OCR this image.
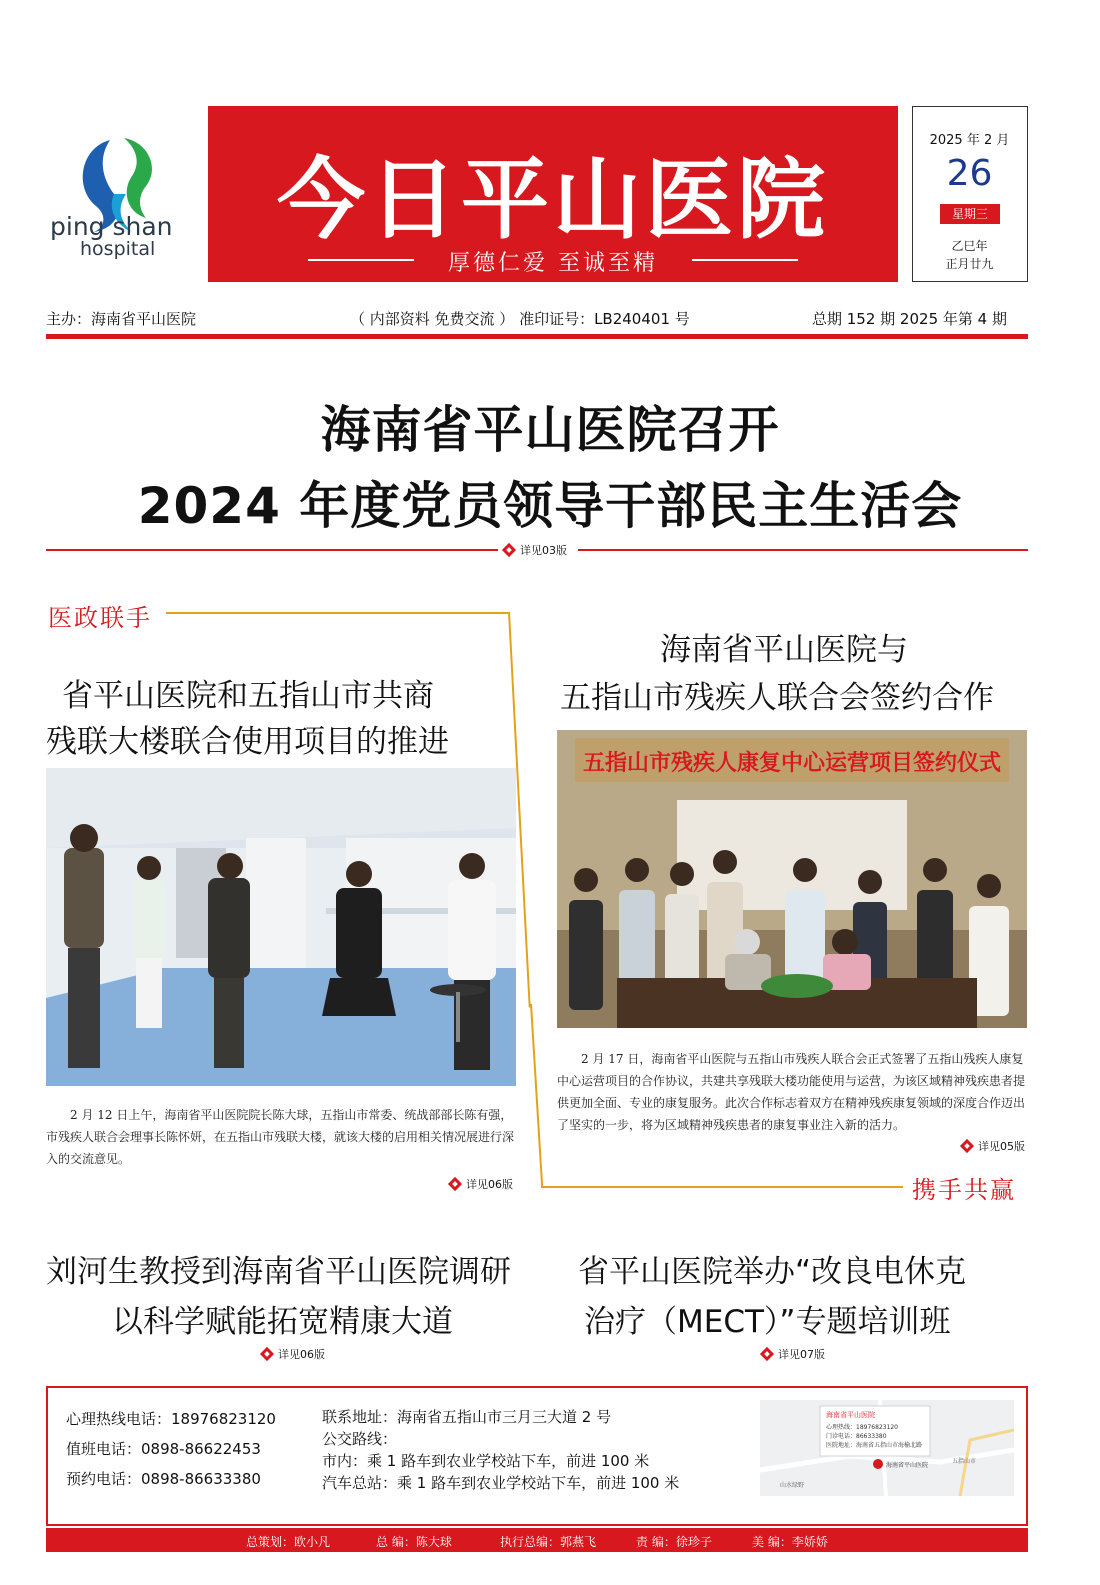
ping shan
hospital	今日平山医院
厚德仁爱 至诚至精
2025 年 2 月
26
星期三
乙巳年
正月廿九
主办：海南省平山医院	（ 内部资料 免费交流 ） 准印证号：LB240401 号	总期 152 期 2025 年第 4 期
海南省平山医院召开
2024 年度党员领导干部民主生活会
详见03版
医政联手
省平山医院和五指山市共商
残联大楼联合使用项目的推进
2 月 12 日上午，海南省平山医院院长陈大球，五指山市常委、统战部部长陈有强，市残疾人联合会理事长陈怀妍，在五指山市残联大楼，就该大楼的启用相关情况展进行深入的交流意见。
详见06版
海南省平山医院与
五指山市残疾人联合会签约合作
五指山市残疾人康复中心运营项目签约仪式
2 月 17 日，海南省平山医院与五指山市残疾人联合会正式签署了五指山残疾人康复中心运营项目的合作协议，共建共享残联大楼功能使用与运营，为该区域精神残疾患者提供更加全面、专业的康复服务。此次合作标志着双方在精神残疾康复领域的深度合作迈出了坚实的一步，将为区域精神残疾患者的康复事业注入新的活力。
详见05版
携手共赢
刘河生教授到海南省平山医院调研
以科学赋能拓宽精康大道
详见06版
省平山医院举办“改良电休克
治疗（MECT）”专题培训班
详见07版
心理热线电话：18976823120
值班电话：0898-86622453
预约电话：0898-86633380
联系地址：海南省五指山市三月三大道 2 号
公交路线：
市内：乘 1 路车到农业学校站下车，前进 100 米
汽车总站：乘 1 路车到农业学校站下车，前进 100 米
海南省平山医院
心理热线：18976823120
门诊电话：86633380
医院地址：海南省五指山市海榆北路
海南省平山医院
五指山市
山水绿野
总策划：欧小凡	总 编：陈大球	执行总编：郭燕飞	责 编：徐珍子	美 编：李娇娇
